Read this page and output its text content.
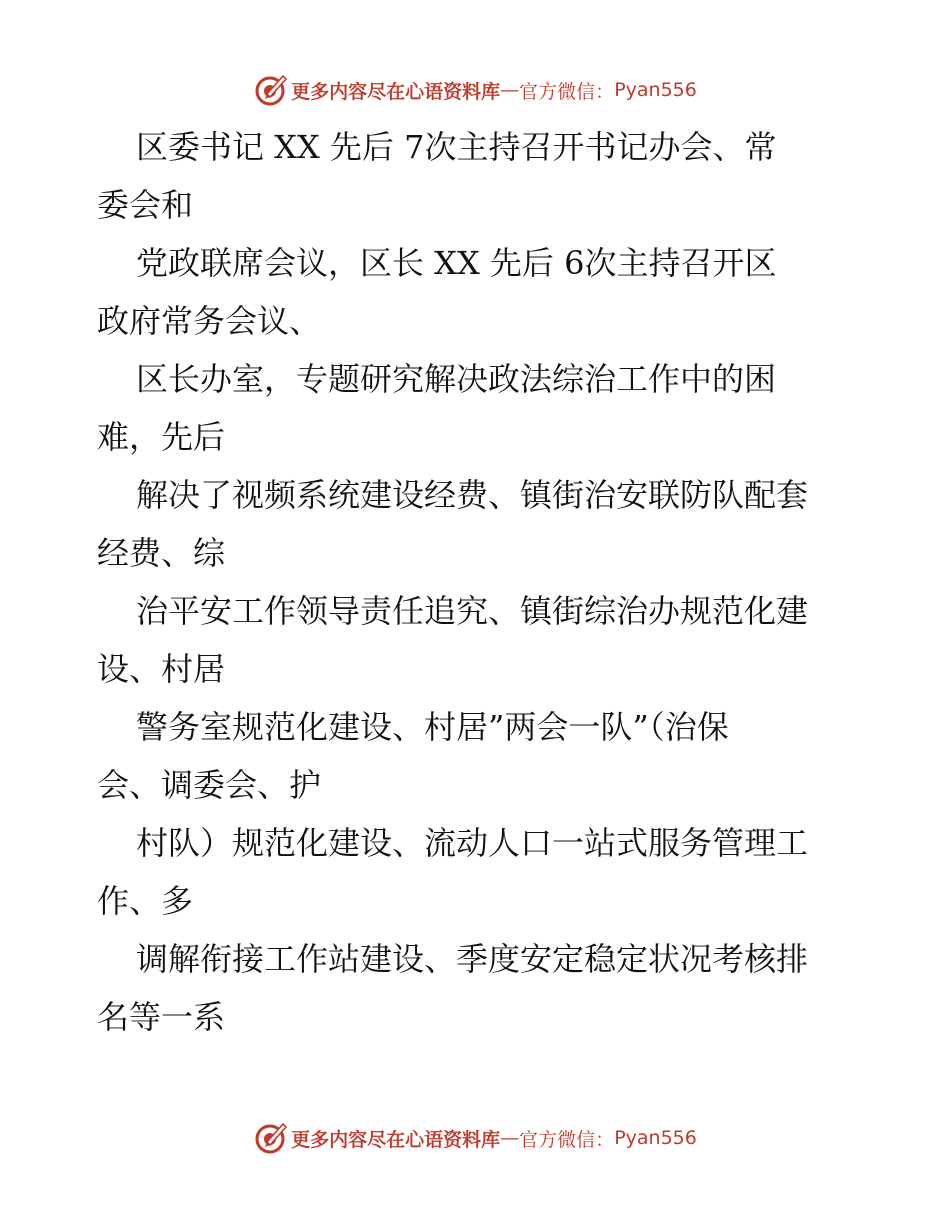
更多内容尽在心语资料库 — 官方微信： Pyan556
区委书记 XX 先后 7次主持召开书记办会、常
委会和
党政联席会议，区长 XX 先后 6次主持召开区
政府常务会议、
区长办室，专题研究解决政法综治工作中的困
难，先后
解决了视频系统建设经费、镇街治安联防队配套
经费、综
治平安工作领导责任追究、镇街综治办规范化建
设、村居
警务室规范化建设、村居”两会一队”（治保
会、调委会、护
村队）规范化建设、流动人口一站式服务管理工
作、多
调解衔接工作站建设、季度安定稳定状况考核排
名等一系
更多内容尽在心语资料库 — 官方微信： Pyan556
